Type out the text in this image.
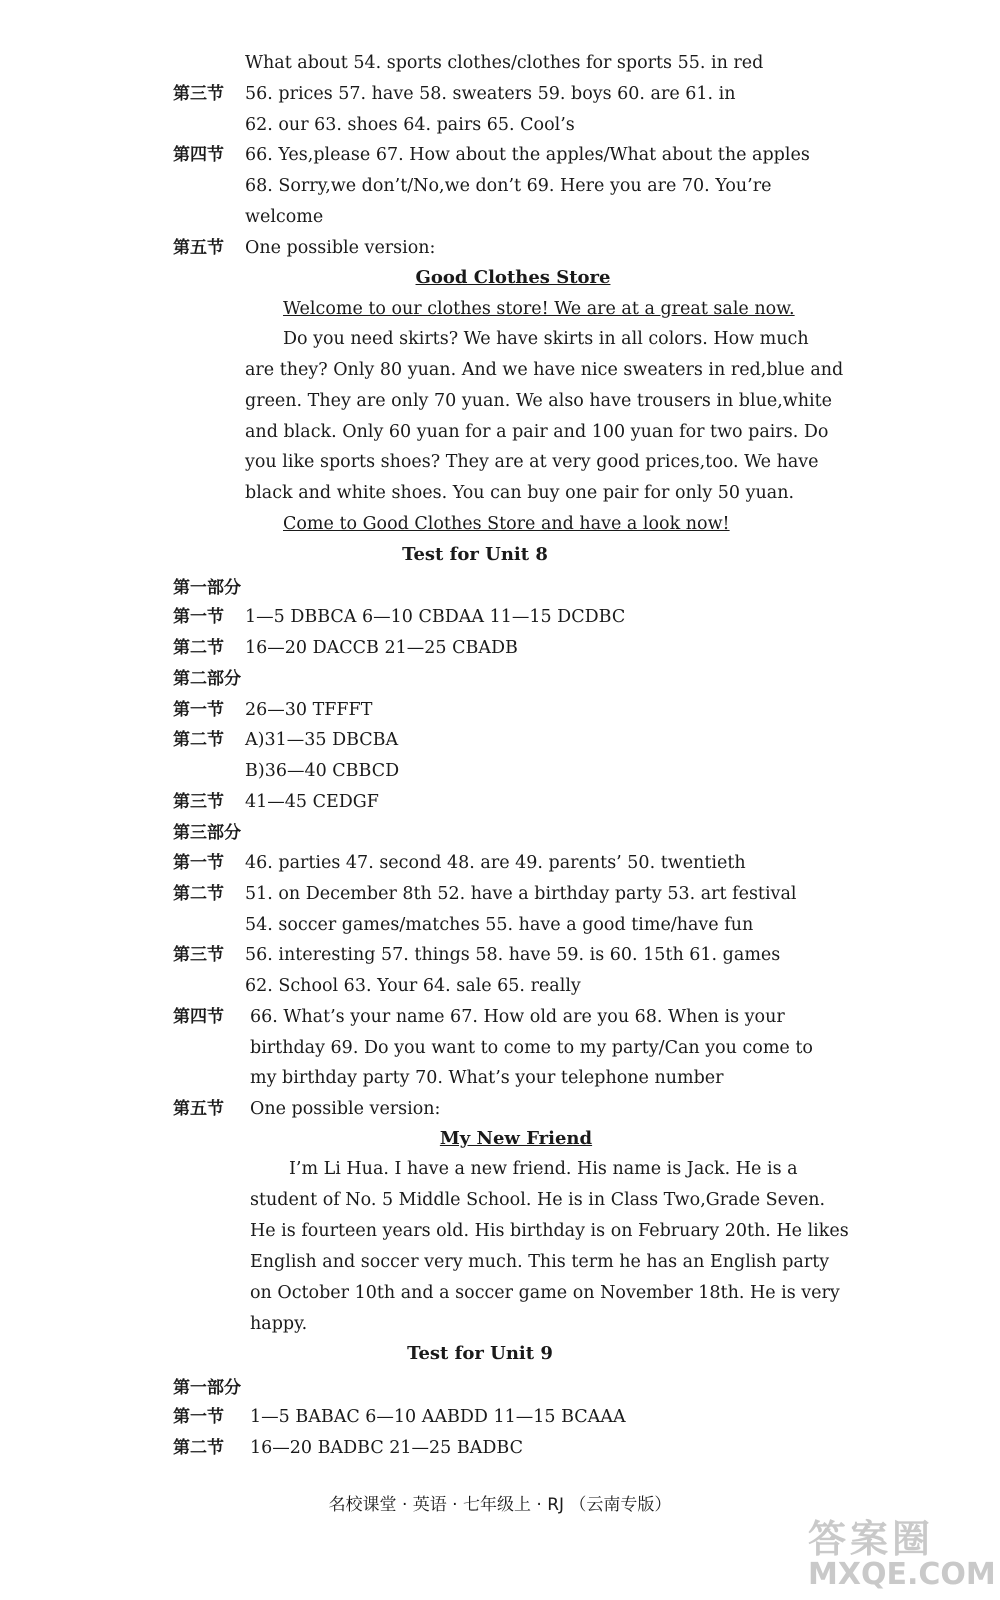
What about 54. sports clothes/clothes for sports 55. in red
第三节 56. prices 57. have 58. sweaters 59. boys 60. are 61. in
62. our 63. shoes 64. pairs 65. Cool’s
第四节 66. Yes,please 67. How about the apples/What about the apples
68. Sorry,we don’t/No,we don’t 69. Here you are 70. You’re
welcome
第五节 One possible version:
Good Clothes Store
Welcome to our clothes store! We are at a great sale now.
Do you need skirts? We have skirts in all colors. How much
are they? Only 80 yuan. And we have nice sweaters in red,blue and
green. They are only 70 yuan. We also have trousers in blue,white
and black. Only 60 yuan for a pair and 100 yuan for two pairs. Do
you like sports shoes? They are at very good prices,too. We have
black and white shoes. You can buy one pair for only 50 yuan.
Come to Good Clothes Store and have a look now!
Test for Unit 8
第一部分
第一节 1—5 DBBCA 6—10 CBDAA 11—15 DCDBC
第二节 16—20 DACCB 21—25 CBADB
第二部分
第一节 26—30 TFFFT
第二节 A)31—35 DBCBA
B)36—40 CBBCD
第三节 41—45 CEDGF
第三部分
第一节 46. parties 47. second 48. are 49. parents’ 50. twentieth
第二节 51. on December 8th 52. have a birthday party 53. art festival
54. soccer games/matches 55. have a good time/have fun
第三节 56. interesting 57. things 58. have 59. is 60. 15th 61. games
62. School 63. Your 64. sale 65. really
第四节 66. What’s your name 67. How old are you 68. When is your
birthday 69. Do you want to come to my party/Can you come to
my birthday party 70. What’s your telephone number
第五节 One possible version:
My New Friend
I’m Li Hua. I have a new friend. His name is Jack. He is a
student of No. 5 Middle School. He is in Class Two,Grade Seven.
He is fourteen years old. His birthday is on February 20th. He likes
English and soccer very much. This term he has an English party
on October 10th and a soccer game on November 18th. He is very
happy.
Test for Unit 9
第一部分
第一节 1—5 BABAC 6—10 AABDD 11—15 BCAAA
第二节 16—20 BADBC 21—25 BADBC
名校课堂 · 英语 · 七年级上 · RJ （云南专版）
答案圈
MXQE.COM
